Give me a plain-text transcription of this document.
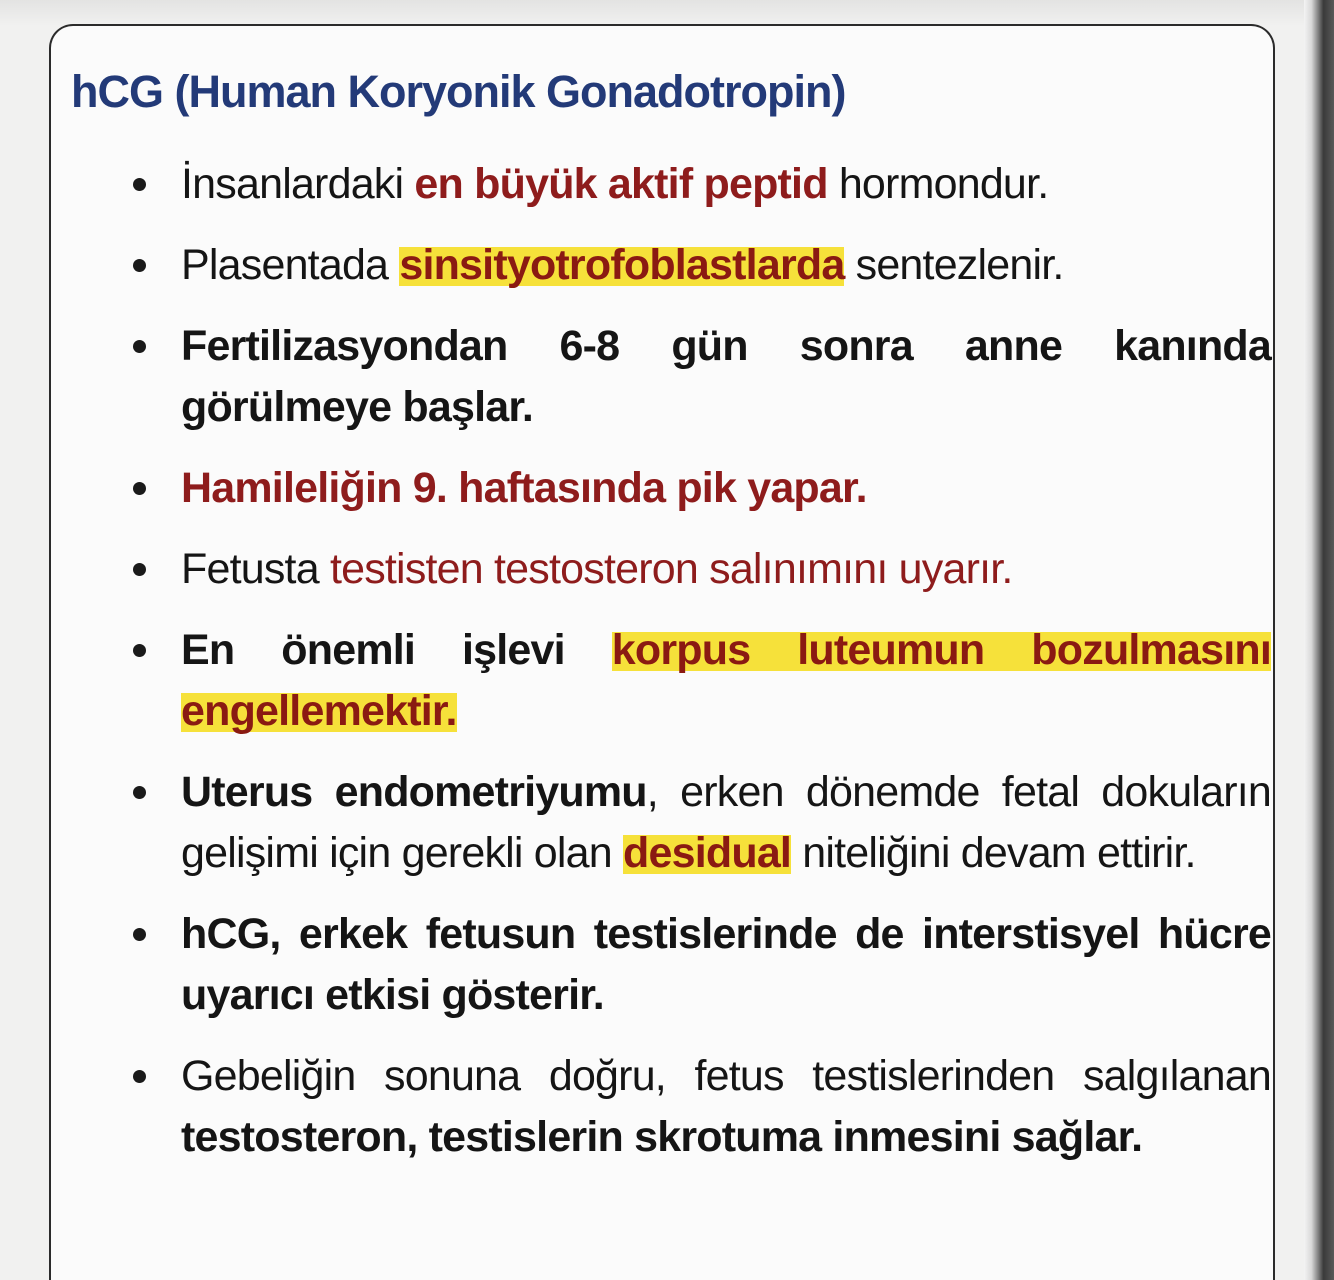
hCG (Human Koryonik Gonadotropin)
İnsanlardaki en büyük aktif peptid hormondur.
Plasentada sinsityotrofoblastlarda sentezlenir.
Fertilizasyondan 6-8 gün sonra anne kanında görülmeye başlar.
Hamileliğin 9. haftasında pik yapar.
Fetusta testisten testosteron salınımını uyarır.
En önemli işlevi korpus luteumun bozulmasını engellemektir.
Uterus endometriyumu, erken dönemde fetal dokuların gelişimi için gerekli olan desidual niteliğini devam ettirir.
hCG, erkek fetusun testislerinde de interstisyel hücre uyarıcı etkisi gösterir.
Gebeliğin sonuna doğru, fetus testislerinden salgılanan testosteron, testislerin skrotuma inmesini sağlar.
